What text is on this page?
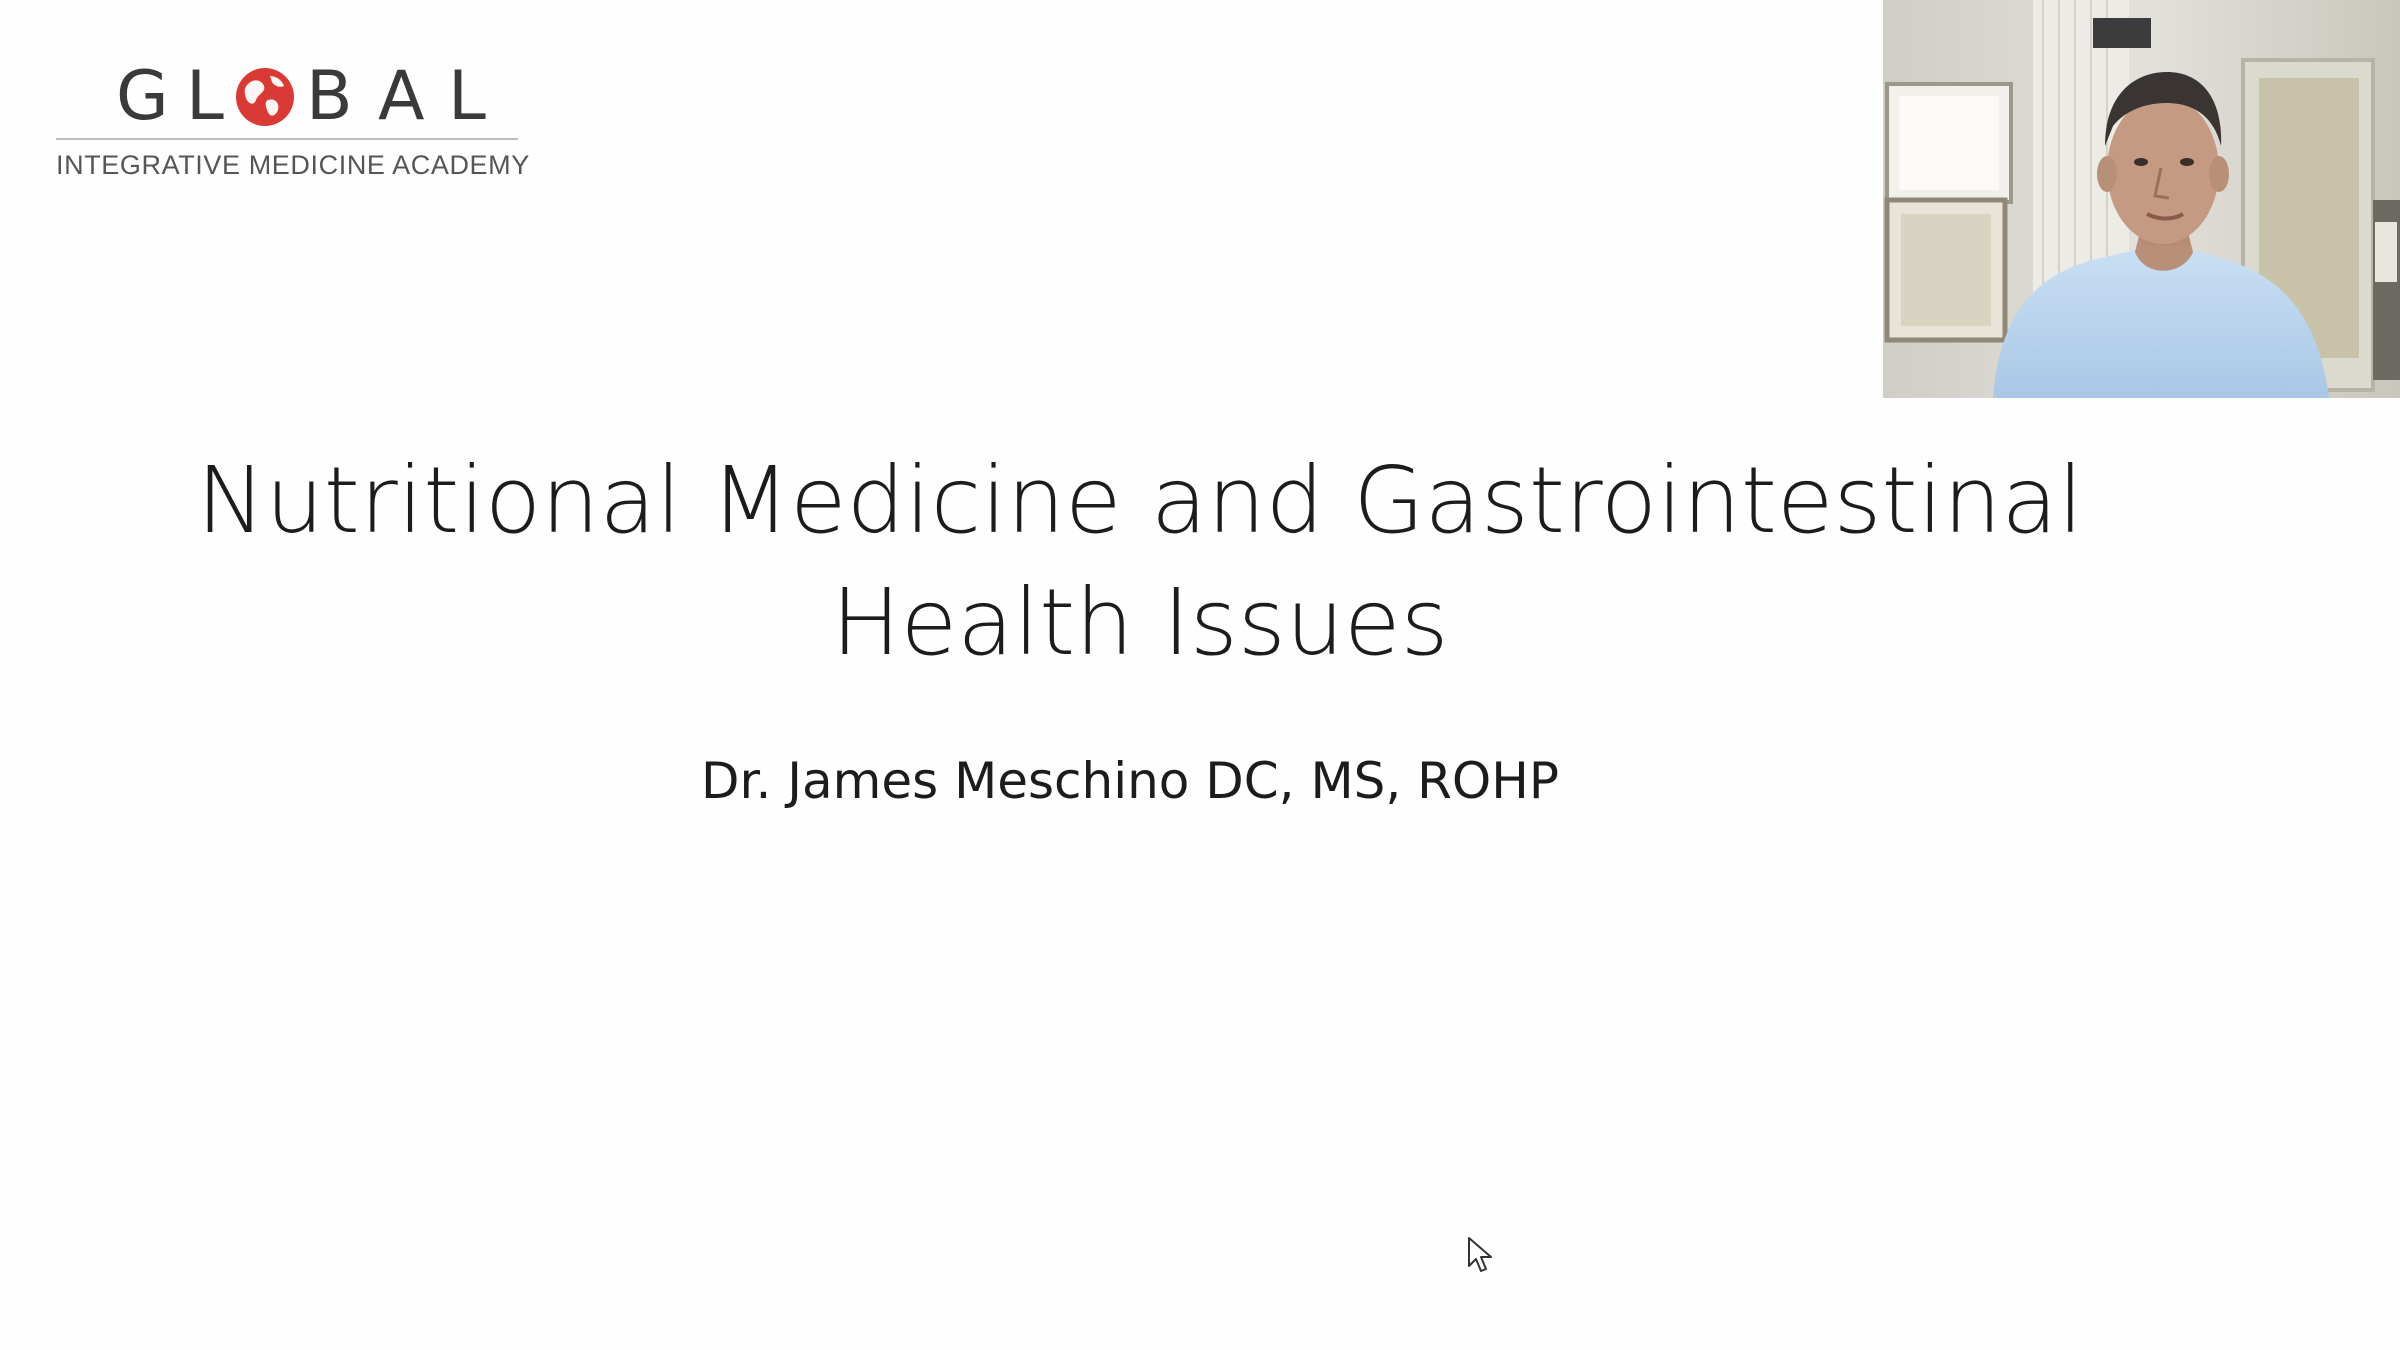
G L B A L
INTEGRATIVE MEDICINE ACADEMY
Nutritional Medicine and Gastrointestinal
Health Issues
Dr. James Meschino DC, MS, ROHP
